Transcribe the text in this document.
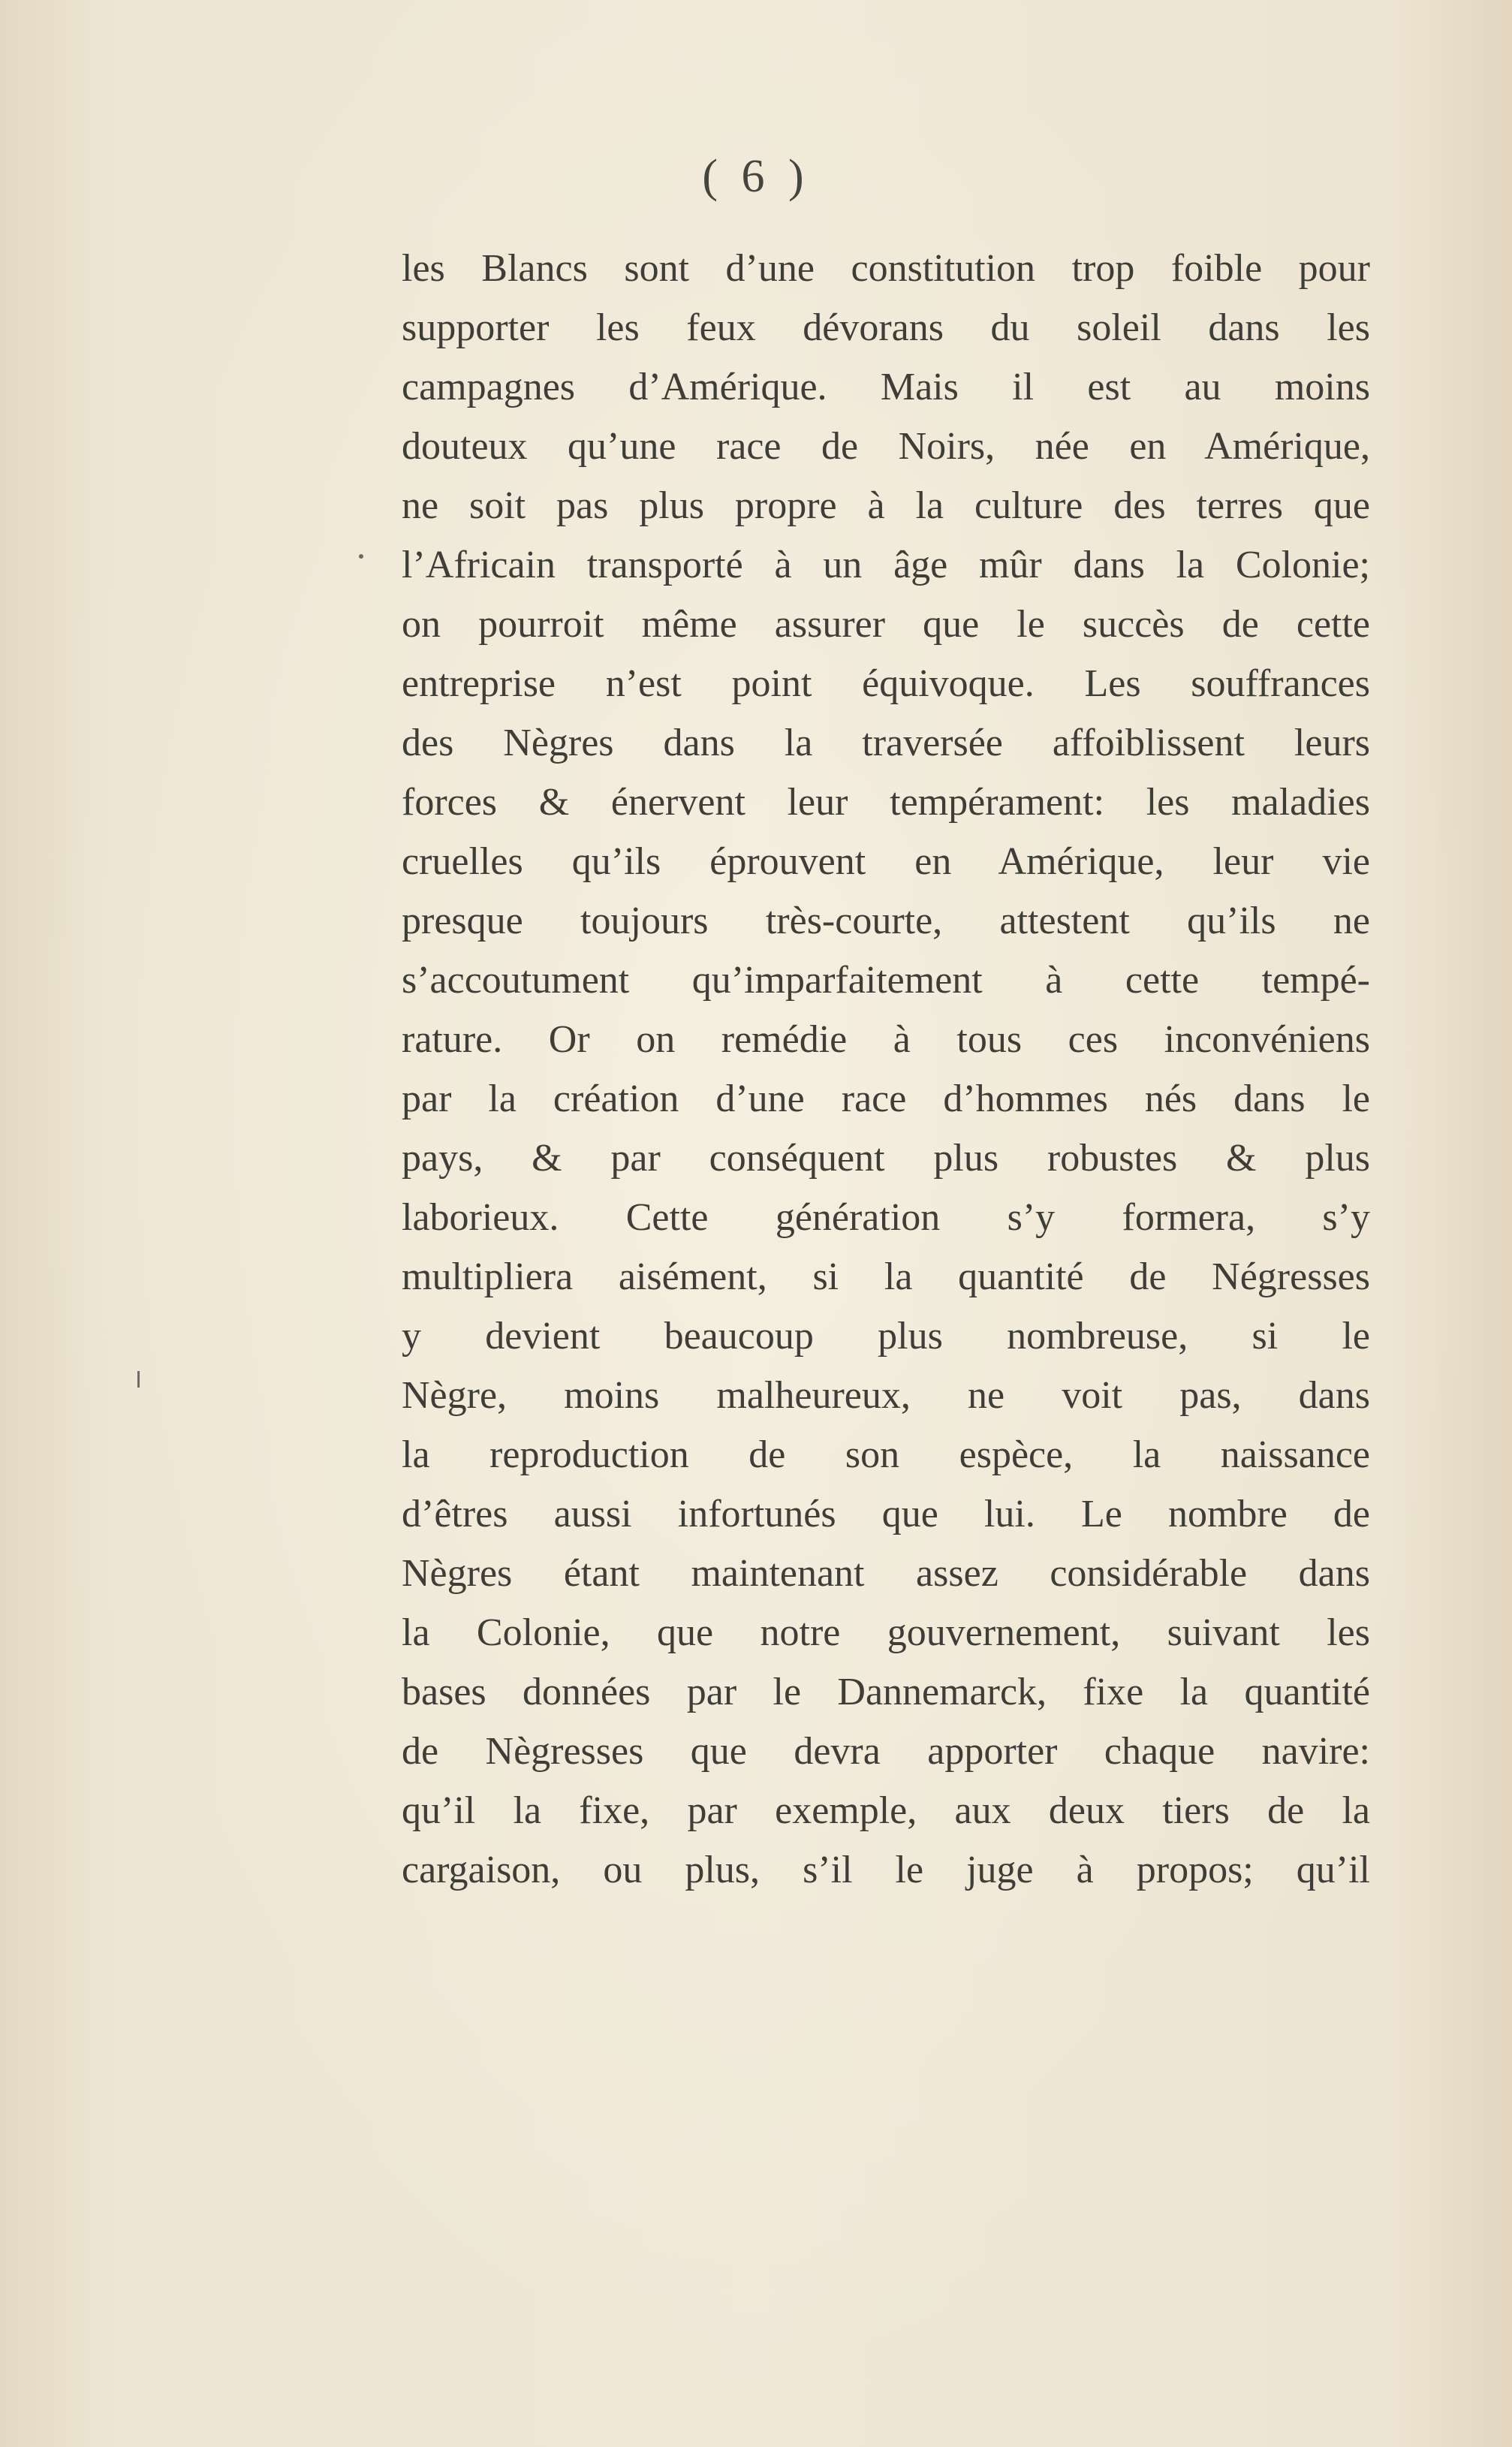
( 6 )
les Blancs sont d’une constitution trop foible pour
supporter les feux dévorans du soleil dans les
campagnes d’Amérique. Mais il est au moins
douteux qu’une race de Noirs, née en Amérique,
ne soit pas plus propre à la culture des terres que
l’Africain transporté à un âge mûr dans la Colonie;
on pourroit même assurer que le succès de cette
entreprise n’est point équivoque. Les souffrances
des Nègres dans la traversée affoiblissent leurs
forces & énervent leur tempérament: les maladies
cruelles qu’ils éprouvent en Amérique, leur vie
presque toujours très-courte, attestent qu’ils ne
s’accoutument qu’imparfaitement à cette tempé-
rature. Or on remédie à tous ces inconvéniens
par la création d’une race d’hommes nés dans le
pays, & par conséquent plus robustes & plus
laborieux. Cette génération s’y formera, s’y
multipliera aisément, si la quantité de Négresses
y devient beaucoup plus nombreuse, si le
Nègre, moins malheureux, ne voit pas, dans
la reproduction de son espèce, la naissance
d’êtres aussi infortunés que lui. Le nombre de
Nègres étant maintenant assez considérable dans
la Colonie, que notre gouvernement, suivant les
bases données par le Dannemarck, fixe la quantité
de Nègresses que devra apporter chaque navire:
qu’il la fixe, par exemple, aux deux tiers de la
cargaison, ou plus, s’il le juge à propos; qu’il
